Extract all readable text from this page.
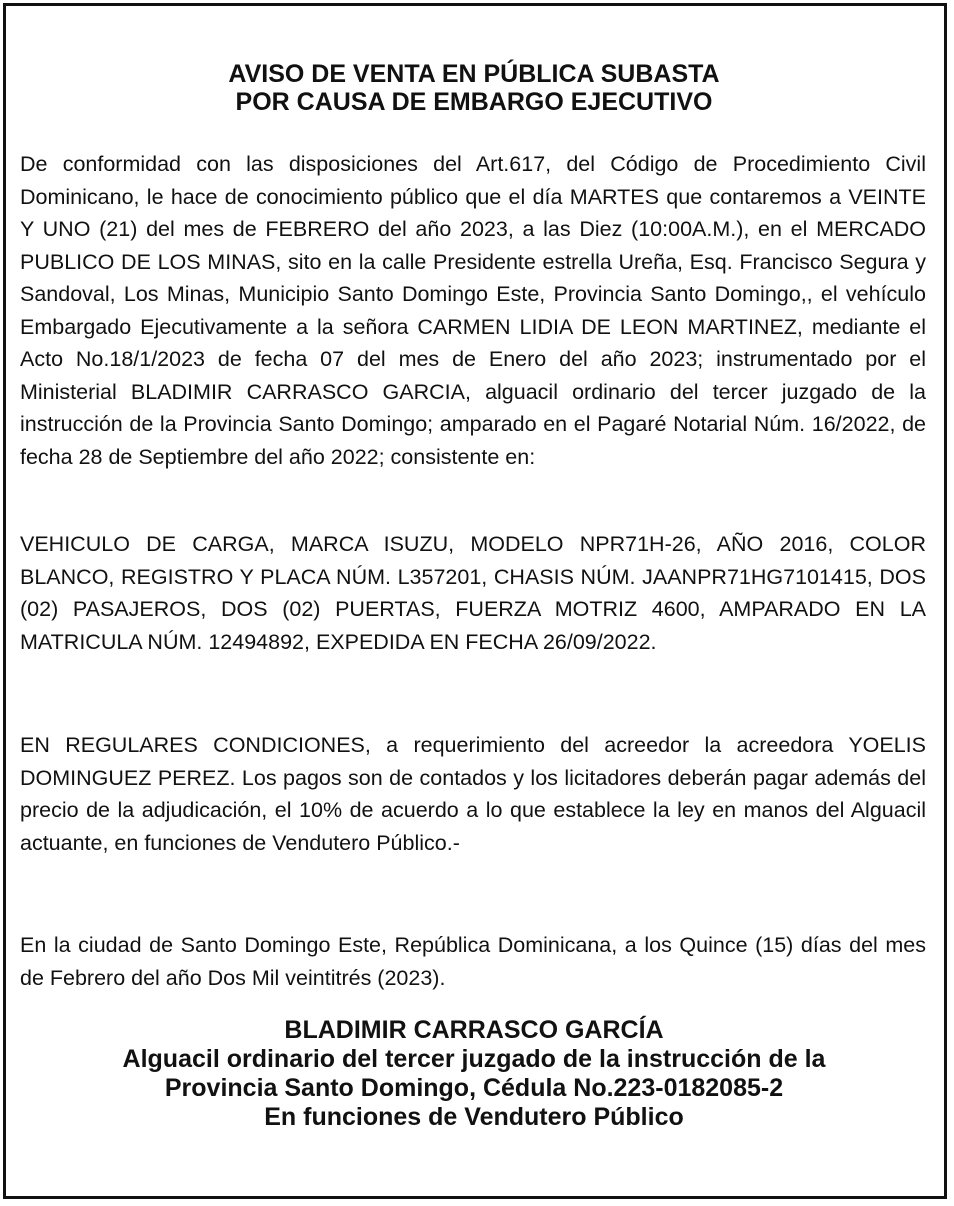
AVISO DE VENTA EN PÚBLICA SUBASTA
POR CAUSA DE EMBARGO EJECUTIVO

De conformidad con las disposiciones del Art.617, del Código de Procedimiento Civil Dominicano, le hace de conocimiento público que el día MARTES que contaremos a VEINTE Y UNO (21) del mes de FEBRERO del año 2023, a las Diez (10:00A.M.), en el MERCADO PUBLICO DE LOS MINAS, sito en la calle Presidente estrella Ureña, Esq. Francisco Segura y Sandoval, Los Minas, Municipio Santo Domingo Este, Provincia Santo Domingo,, el vehículo Embargado Ejecutivamente a la señora CARMEN LIDIA DE LEON MARTINEZ, mediante el Acto No.18/1/2023 de fecha 07 del mes de Enero del año 2023; instrumentado por el Ministerial BLADIMIR CARRASCO GARCIA, alguacil ordinario del tercer juzgado de la instrucción de la Provincia Santo Domingo; amparado en el Pagaré Notarial Núm. 16/2022, de fecha 28 de Septiembre del año 2022; consistente en:

VEHICULO DE CARGA, MARCA ISUZU, MODELO NPR71H-26, AÑO 2016, COLOR BLANCO, REGISTRO Y PLACA NÚM. L357201, CHASIS NÚM. JAANPR71HG7101415, DOS (02) PASAJEROS, DOS (02) PUERTAS, FUERZA MOTRIZ 4600, AMPARADO EN LA MATRICULA NÚM. 12494892, EXPEDIDA EN FECHA 26/09/2022.

EN REGULARES CONDICIONES, a requerimiento del acreedor la acreedora YOELIS DOMINGUEZ PEREZ. Los pagos son de contados y los licitadores deberán pagar además del precio de la adjudicación, el 10% de acuerdo a lo que establece la ley en manos del Alguacil actuante, en funciones de Vendutero Público.-

En la ciudad de Santo Domingo Este, República Dominicana, a los Quince (15) días del mes de Febrero del año Dos Mil veintitrés (2023).

BLADIMIR CARRASCO GARCÍA
Alguacil ordinario del tercer juzgado de la instrucción de la
Provincia Santo Domingo, Cédula No.223-0182085-2
En funciones de Vendutero Público
